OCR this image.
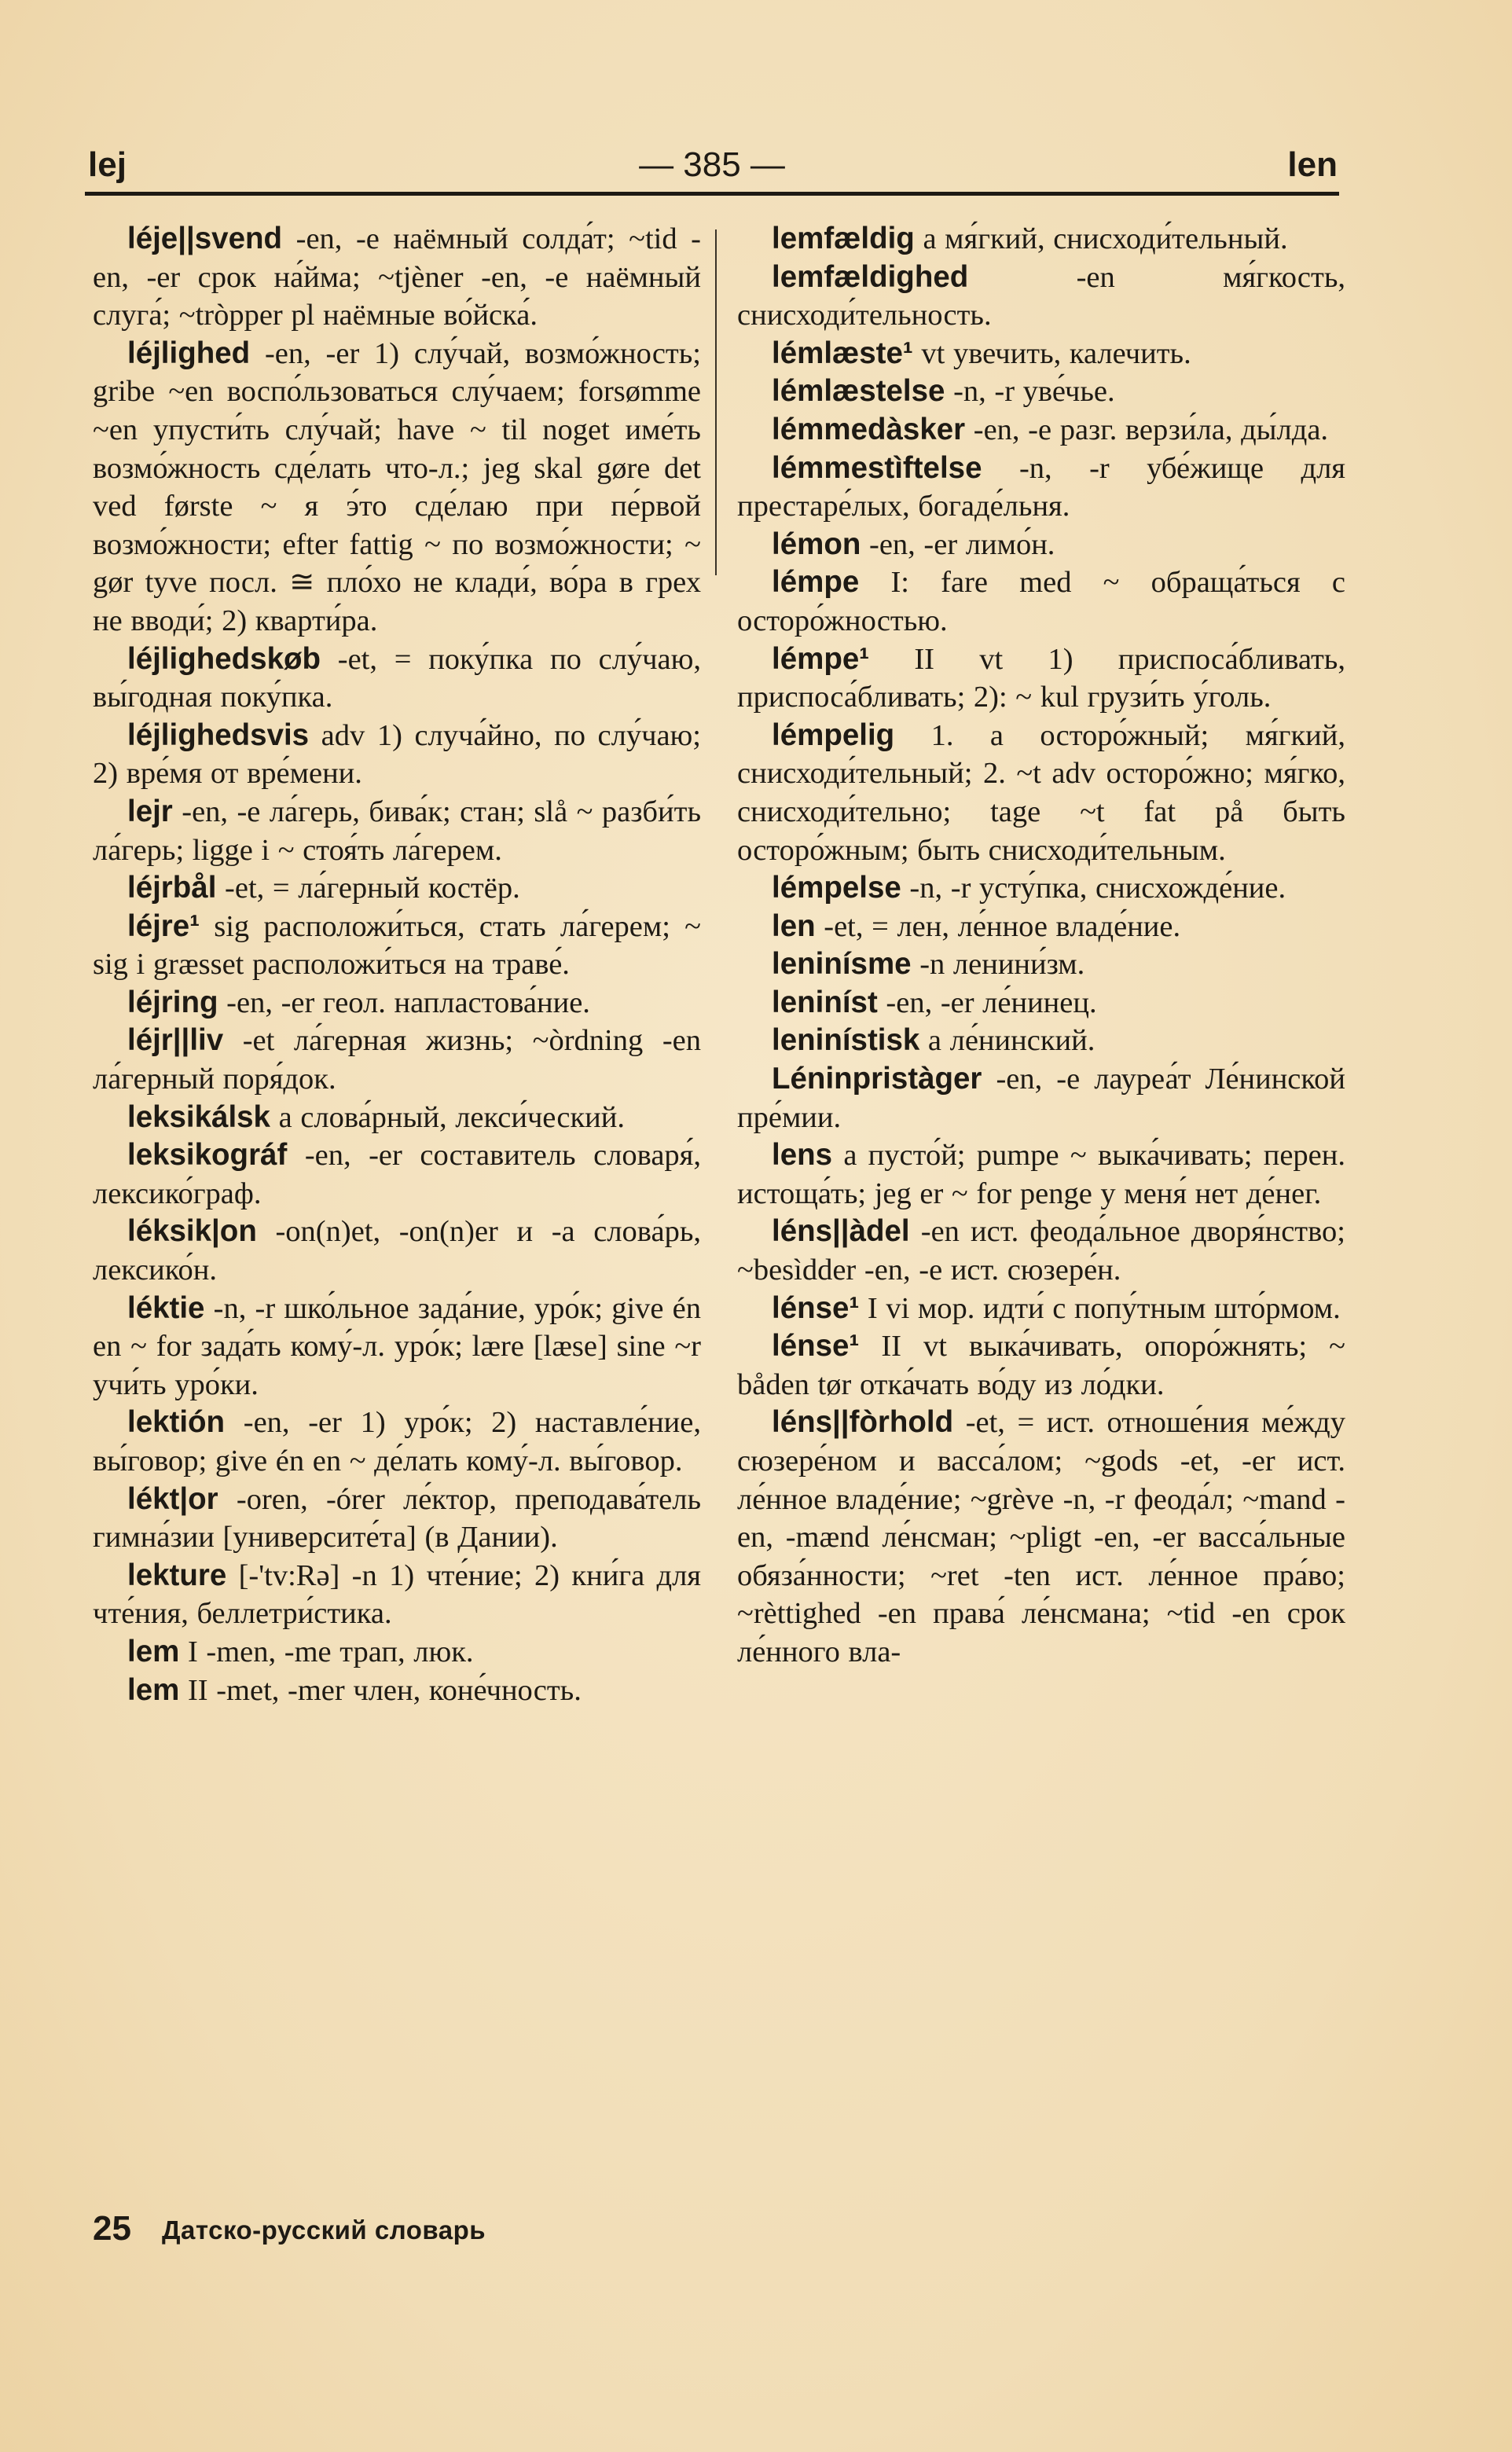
lej	— 385 —	len

léje||svend -en, -e наёмный солда́т; ~tid -en, -er срок на́йма; ~tjèner -en, -e наёмный слуга́; ~tròpper pl наёмные во́йска́.

léjlighed -en, -er 1) слу́чай, возмо́жность; gribe ~en воспо́льзоваться слу́чаем; forsømme ~en упусти́ть слу́чай; have ~ til noget име́ть возмо́жность сде́лать что-л.; jeg skal gøre det ved første ~ я э́то сде́лаю при пе́рвой возмо́жности; efter fattig ~ по возмо́жности; ~ gør tyve посл. ≅ пло́хо не клади́, во́ра в грех не вводи́; 2) кварти́ра.

léjlighedskøb -et, = поку́пка по слу́чаю, вы́годная поку́пка.

léjlighedsvis adv 1) случа́йно, по слу́чаю; 2) вре́мя от вре́мени.

lejr -en, -e ла́герь, бива́к; стан; slå ~ разби́ть ла́герь; ligge i ~ стоя́ть ла́герем.

léjrbål -et, = ла́герный костёр.

léjre¹ sig расположи́ться, стать ла́герем; ~ sig i græsset расположи́ться на траве́.

léjring -en, -er геол. напластова́ние.

léjr||liv -et ла́герная жизнь; ~òrdning -en ла́герный поря́док.

leksikálsk a слова́рный, лекси́ческий.

leksikográf -en, -er составитель словаря́, лексико́граф.

léksik|on -on(n)et, -on(n)er и -a слова́рь, лексико́н.

léktie -n, -r шко́льное зада́ние, уро́к; give én en ~ for зада́ть кому́-л. уро́к; lære [læse] sine ~r учи́ть уро́ки.

lektión -en, -er 1) уро́к; 2) наставле́ние, вы́говор; give én en ~ де́лать кому́-л. вы́говор.

lékt|or -oren, -órer ле́ктор, преподава́тель гимна́зии [университе́та] (в Дании).

lekture [-'tv:Rə] -n 1) чте́ние; 2) кни́га для чте́ния, беллетри́стика.

lem I -men, -me трап, люк.

lem II -met, -mer член, коне́чность.

lemfældig a мя́гкий, снисходи́тельный.

lemfældighed -en мя́гкость, снисходи́тельность.

lémlæste¹ vt увечить, калечить.

lémlæstelse -n, -r уве́чье.

lémmedàsker -en, -e разг. верзи́ла, ды́лда.

lémmestìftelse -n, -r убе́жище для престаре́лых, богаде́льня.

lémon -en, -er лимо́н.

lémpe I: fare med ~ обраща́ться с осторо́жностью.

lémpe¹ II vt 1) приспоса́бливать, приспоса́бливать; 2): ~ kul грузи́ть у́голь.

lémpelig 1. a осторо́жный; мя́гкий, снисходи́тельный; 2. ~t adv осторо́жно; мя́гко, снисходи́тельно; tage ~t fat på быть осторо́жным; быть снисходи́тельным.

lémpelse -n, -r усту́пка, снисхожде́ние.

len -et, = лен, ле́нное владе́ние.

leninísme -n ленини́зм.

leniníst -en, -er ле́нинец.

leninístisk a ле́нинский.

Léninpristàger -en, -e лауреа́т Ле́нинской пре́мии.

lens a пусто́й; pumpe ~ выка́чивать; перен. истоща́ть; jeg er ~ for penge у меня́ нет де́нег.

léns||àdel -en ист. феода́льное дворя́нство; ~besìdder -en, -e ист. сюзере́н.

lénse¹ I vi мор. идти́ с попу́тным што́рмом.

lénse¹ II vt выка́чивать, опоро́жнять; ~ båden tør отка́чать во́ду из ло́дки.

léns||fòrhold -et, = ист. отноше́ния ме́жду сюзере́ном и васса́лом; ~gods -et, -er ист. ле́нное владе́ние; ~grève -n, -r феода́л; ~mand -en, -mænd ле́нсман; ~pligt -en, -er васса́льные обяза́нности; ~ret -ten ист. ле́нное пра́во; ~rèttighed -en права́ ле́нсмана; ~tid -en срок ле́нного вла-

25 Датско-русский словарь
